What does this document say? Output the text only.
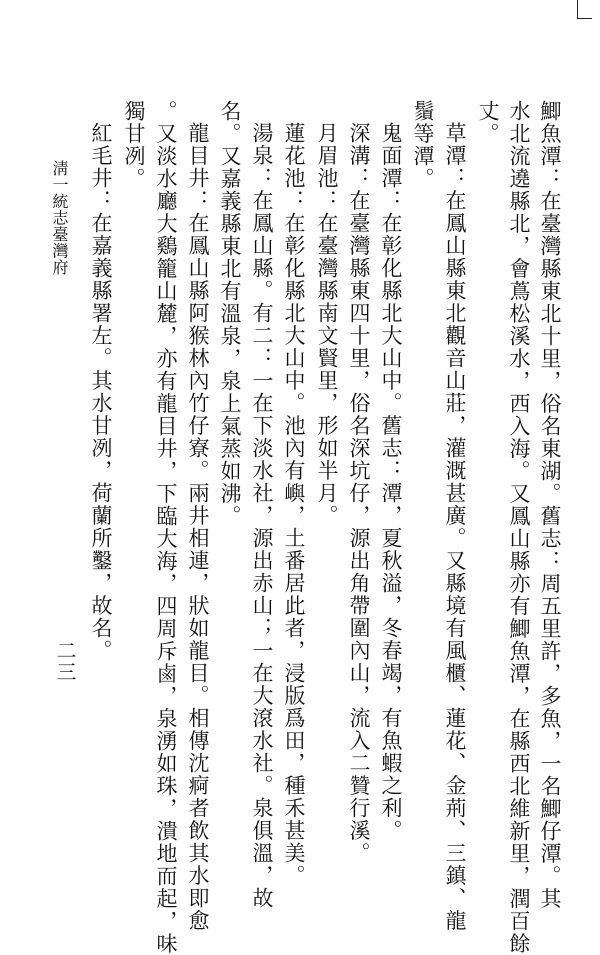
鯽魚潭：在臺灣縣東北十里，俗名東湖。舊志：周五里許，多魚，一名鯽仔潭。其
水北流遶縣北，會蔦松溪水，西入海。又鳳山縣亦有鯽魚潭，在縣西北維新里，潤百餘
丈。
草潭：在鳳山縣東北觀音山莊，灌溉甚廣。又縣境有風櫃、蓮花、金荊、三鎮、龍
鬚等潭。
鬼面潭：在彰化縣北大山中。舊志：潭，夏秋溢，冬春竭，有魚蝦之利。
深溝：在臺灣縣東四十里，俗名深坑仔，源出角帶圍內山，流入二贊行溪。
月眉池：在臺灣縣南文賢里，形如半月。
蓮花池：在彰化縣北大山中。池內有嶼，土番居此者，浸版爲田，種禾甚美。
湯泉：在鳳山縣。有二：一在下淡水社，源出赤山；一在大滾水社。泉俱溫，故
名。又嘉義縣東北有溫泉，泉上氣蒸如沸。
龍目井：在鳳山縣阿猴林內竹仔寮。兩井相連，狀如龍目。相傳沈痾者飲其水即愈
。又淡水廳大鷄籠山麓，亦有龍目井，下臨大海，四周斥鹵，泉湧如珠，潰地而起，味
獨甘冽。
紅毛井：在嘉義縣署左。其水甘冽，荷蘭所鑿，故名。
淸一統志臺灣府
二三
